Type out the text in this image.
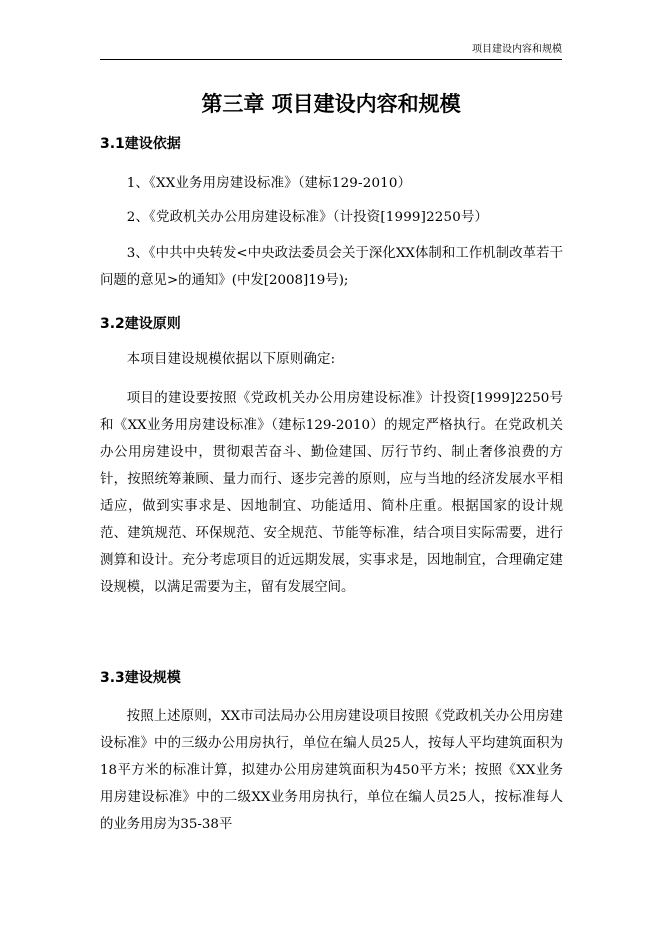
项目建设内容和规模
第三章 项目建设内容和规模
3.1建设依据

1、《XX业务用房建设标准》（建标129-2010）

2、《党政机关办公用房建设标准》（计投资[1999]2250号）

3、《中共中央转发<中央政法委员会关于深化XX体制和工作机制改革若干问题的意见>的通知》(中发[2008]19号);

3.2建设原则

本项目建设规模依据以下原则确定:

项目的建设要按照《党政机关办公用房建设标准》计投资[1999]2250号和《XX业务用房建设标准》（建标129-2010）的规定严格执行。在党政机关办公用房建设中，贯彻艰苦奋斗、勤俭建国、厉行节约、制止奢侈浪费的方针，按照统筹兼顾、量力而行、逐步完善的原则，应与当地的经济发展水平相适应，做到实事求是、因地制宜、功能适用、简朴庄重。根据国家的设计规范、建筑规范、环保规范、安全规范、节能等标准，结合项目实际需要，进行测算和设计。充分考虑项目的近远期发展，实事求是，因地制宜，合理确定建设规模，以满足需要为主，留有发展空间。

3.3建设规模

按照上述原则，XX市司法局办公用房建设项目按照《党政机关办公用房建设标准》中的三级办公用房执行，单位在编人员25人，按每人平均建筑面积为18平方米的标准计算，拟建办公用房建筑面积为450平方米；按照《XX业务用房建设标准》中的二级XX业务用房执行，单位在编人员25人，按标准每人的业务用房为35-38平
